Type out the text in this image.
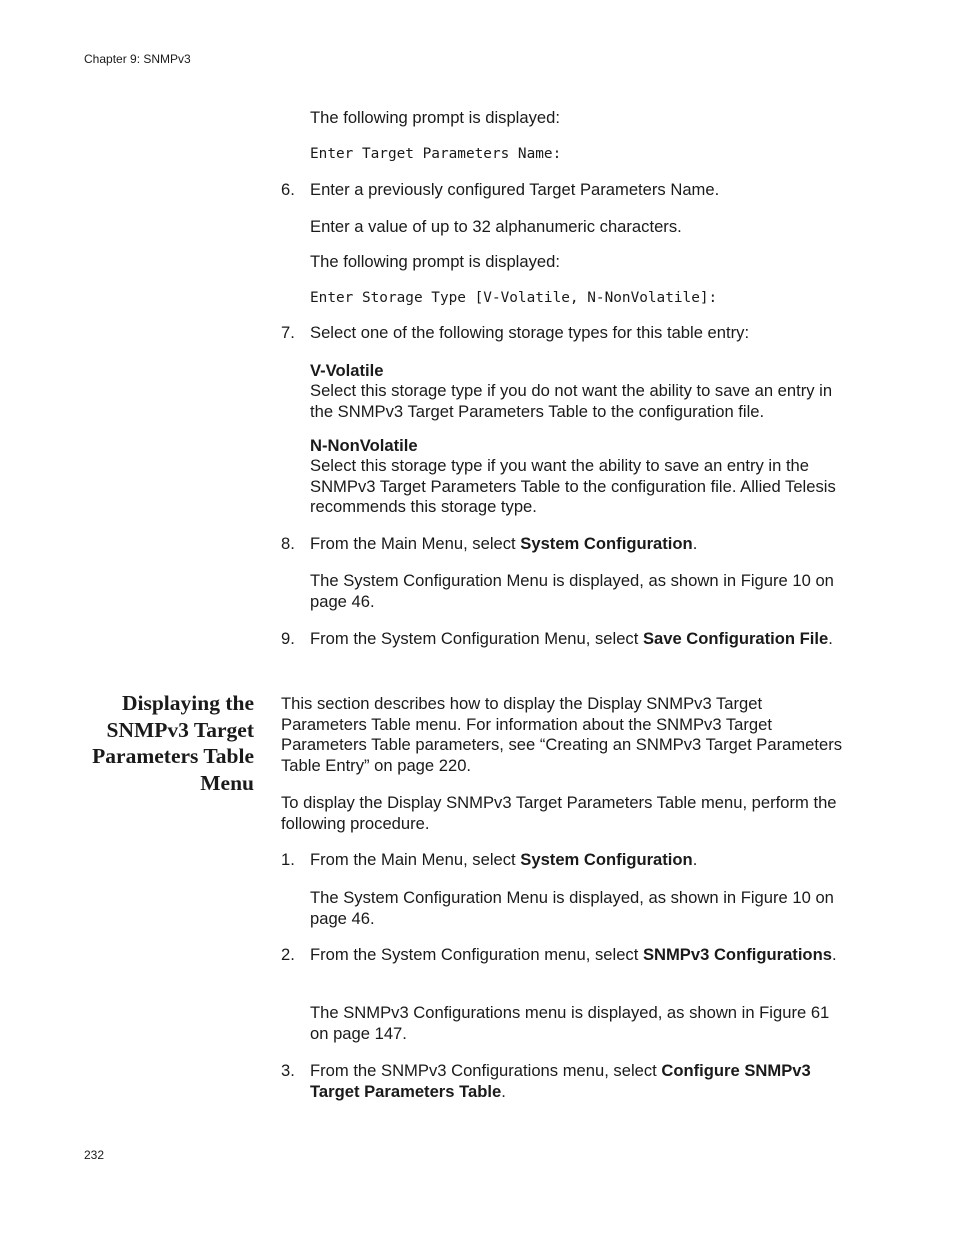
Chapter 9: SNMPv3

The following prompt is displayed:

Enter Target Parameters Name:
6. Enter a previously configured Target Parameters Name.

Enter a value of up to 32 alphanumeric characters.

The following prompt is displayed:

Enter Storage Type [V-Volatile, N-NonVolatile]:
7. Select one of the following storage types for this table entry:

V-Volatile

Select this storage type if you do not want the ability to save an entry in the SNMPv3 Target Parameters Table to the configuration file.

N-NonVolatile

Select this storage type if you want the ability to save an entry in the SNMPv3 Target Parameters Table to the configuration file. Allied Telesis recommends this storage type.

8. From the Main Menu, select System Configuration.

The System Configuration Menu is displayed, as shown in Figure 10 on page 46.

9. From the System Configuration Menu, select Save Configuration File.

Displaying the SNMPv3 Target Parameters Table Menu

This section describes how to display the Display SNMPv3 Target Parameters Table menu. For information about the SNMPv3 Target Parameters Table parameters, see “Creating an SNMPv3 Target Parameters Table Entry” on page 220.

To display the Display SNMPv3 Target Parameters Table menu, perform the following procedure.

1. From the Main Menu, select System Configuration.

The System Configuration Menu is displayed, as shown in Figure 10 on page 46.

2. From the System Configuration menu, select SNMPv3 Configurations.

The SNMPv3 Configurations menu is displayed, as shown in Figure 61 on page 147.

3. From the SNMPv3 Configurations menu, select Configure SNMPv3 Target Parameters Table.

232
